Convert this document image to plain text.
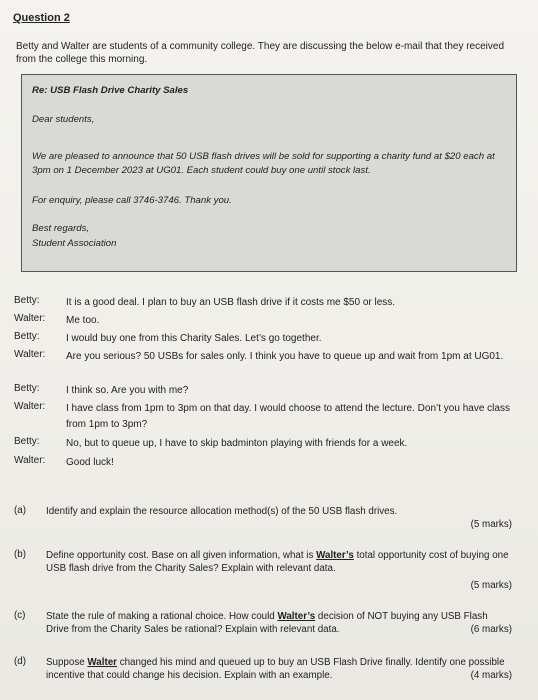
Question 2
Betty and Walter are students of a community college. They are discussing the below e-mail that they received from the college this morning.

Re: USB Flash Drive Charity Sales

Dear students,

We are pleased to announce that 50 USB flash drives will be sold for supporting a charity fund at $20 each at 3pm on 1 December 2023 at UG01. Each student could buy one until stock last.

For enquiry, please call 3746-3746. Thank you.

Best regards,

Student Association

Betty:	It is a good deal. I plan to buy an USB flash drive if it costs me $50 or less.
Walter:	Me too.
Betty:	I would buy one from this Charity Sales. Let’s go together.
Walter:	Are you serious? 50 USBs for sales only. I think you have to queue up and wait from 1pm at UG01.
Betty:	I think so. Are you with me?
Walter:	I have class from 1pm to 3pm on that day. I would choose to attend the lecture. Don’t you have class from 1pm to 3pm?
Betty:	No, but to queue up, I have to skip badminton playing with friends for a week.
Walter:	Good luck!
(a) Identify and explain the resource allocation method(s) of the 50 USB flash drives.
(5 marks)
(b) Define opportunity cost. Base on all given information, what is Walter’s total opportunity cost of buying one USB flash drive from the Charity Sales? Explain with relevant data.
(5 marks)
(c) State the rule of making a rational choice. How could Walter’s decision of NOT buying any USB Flash Drive from the Charity Sales be rational? Explain with relevant data.	(6 marks)
(d) Suppose Walter changed his mind and queued up to buy an USB Flash Drive finally. Identify one possible incentive that could change his decision. Explain with an example.	(4 marks)
